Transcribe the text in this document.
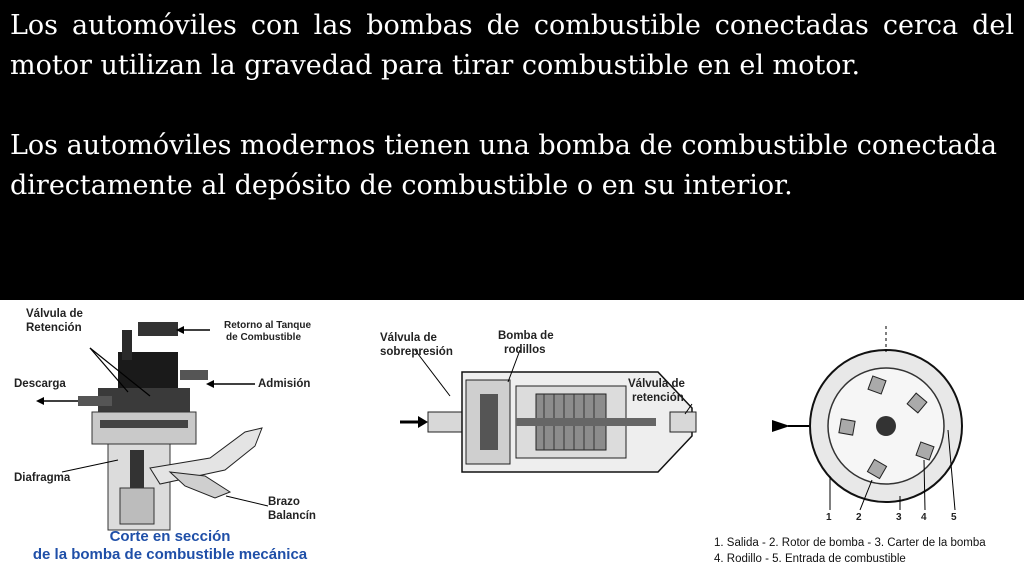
Los automóviles con las bombas de combustible conectadas cerca del motor utilizan la gravedad para tirar combustible en el motor.

Los automóviles modernos tienen una bomba de combustible conectada directamente al depósito de combustible o en su interior.

Válvula de
Retención	Retorno al Tanque
de Combustible
Descarga	Admisión
Diafragma
Brazo
Balancín
Corte en sección
de la bomba de combustible mecánica
Válvula de
sobrepresión
Bomba de
rodillos
Válvula de
retención
1 2	3 4 5
1. Salida - 2. Rotor de bomba - 3. Carter de la bomba
4. Rodillo - 5. Entrada de combustible
